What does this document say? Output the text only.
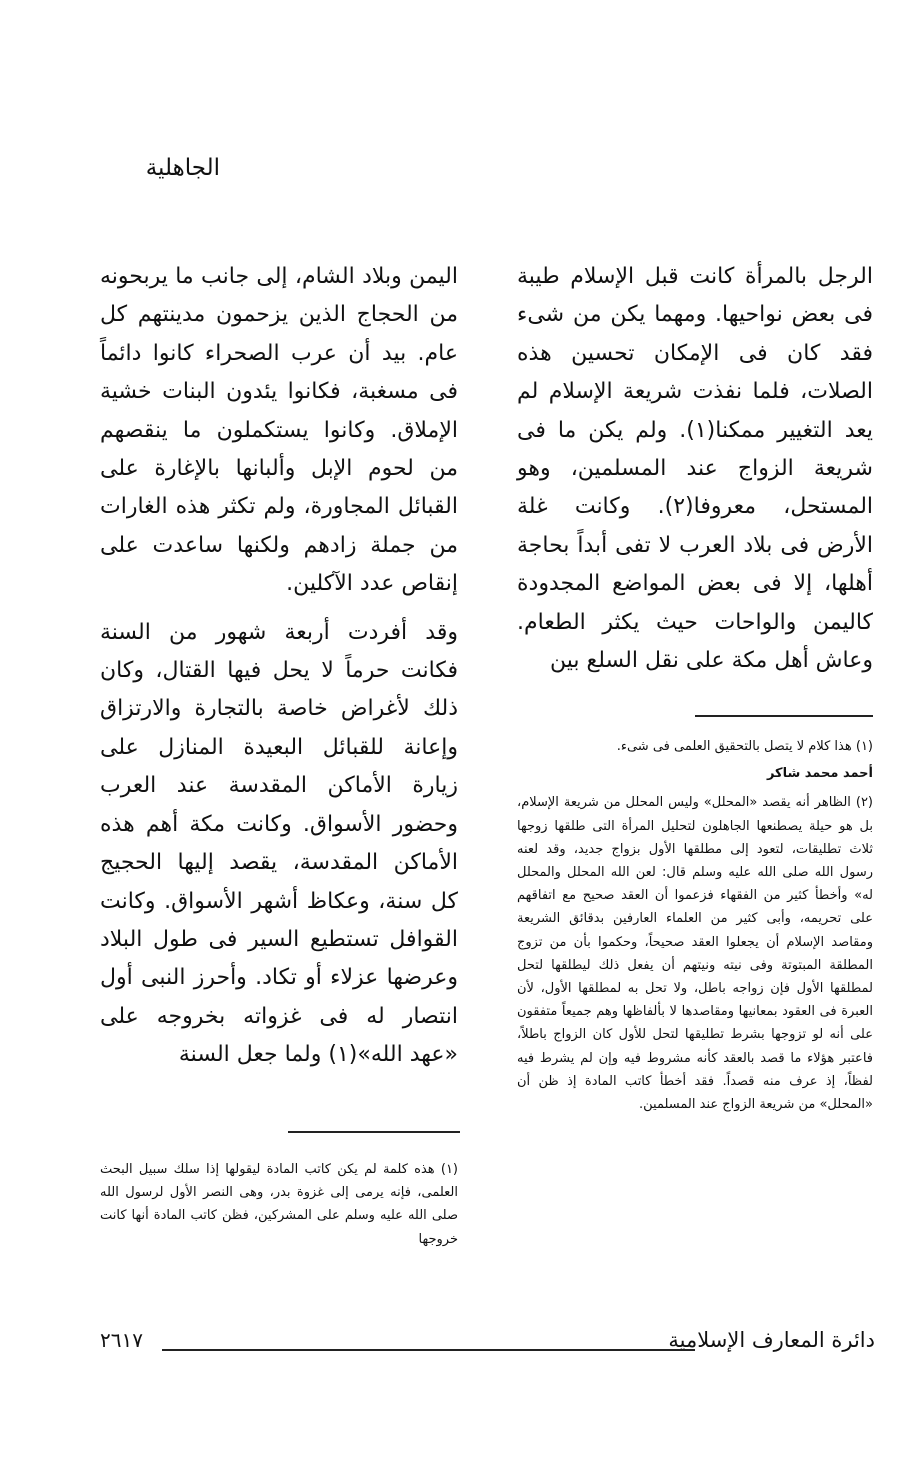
الجاهلية

الرجل بالمرأة كانت قبل الإسلام طيبة فى بعض نواحيها. ومهما يكن من شىء فقد كان فى الإمكان تحسين هذه الصلات، فلما نفذت شريعة الإسلام لم يعد التغيير ممكنا(١). ولم يكن ما فى شريعة الزواج عند المسلمين، وهو المستحل، معروفا(٢). وكانت غلة الأرض فى بلاد العرب لا تفى أبداً بحاجة أهلها، إلا فى بعض المواضع المجدودة كاليمن والواحات حيث يكثر الطعام. وعاش أهل مكة على نقل السلع بين

اليمن وبلاد الشام، إلى جانب ما يربحونه من الحجاج الذين يزحمون مدينتهم كل عام. بيد أن عرب الصحراء كانوا دائماً فى مسغبة، فكانوا يئدون البنات خشية الإملاق. وكانوا يستكملون ما ينقصهم من لحوم الإبل وألبانها بالإغارة على القبائل المجاورة، ولم تكثر هذه الغارات من جملة زادهم ولكنها ساعدت على إنقاص عدد الآكلين.

وقد أفردت أربعة شهور من السنة فكانت حرماً لا يحل فيها القتال، وكان ذلك لأغراض خاصة بالتجارة والارتزاق وإعانة للقبائل البعيدة المنازل على زيارة الأماكن المقدسة عند العرب وحضور الأسواق. وكانت مكة أهم هذه الأماكن المقدسة، يقصد إليها الحجيج كل سنة، وعكاظ أشهر الأسواق. وكانت القوافل تستطيع السير فى طول البلاد وعرضها عزلاء أو تكاد. وأحرز النبى أول انتصار له فى غزواته بخروجه على «عهد الله»(١) ولما جعل السنة

(١) هذا كلام لا يتصل بالتحقيق العلمى فى شىء.

أحمد محمد شاكر

(٢) الظاهر أنه يقصد «المحلل» وليس المحلل من شريعة الإسلام، بل هو حيلة يصطنعها الجاهلون لتحليل المرأة التى طلقها زوجها ثلاث تطليقات، لتعود إلى مطلقها الأول بزواج جديد، وقد لعنه رسول الله صلى الله عليه وسلم قال: لعن الله المحلل والمحلل له» وأخطأ كثير من الفقهاء فزعموا أن العقد صحيح مع اتفاقهم على تحريمه، وأبى كثير من العلماء العارفين بدقائق الشريعة ومقاصد الإسلام أن يجعلوا العقد صحيحاً، وحكموا بأن من تزوج المطلقة المبتوتة وفى نيته ونيتهم أن يفعل ذلك ليطلقها لتحل لمطلقها الأول فإن زواجه باطل، ولا تحل به لمطلقها الأول، لأن العبرة فى العقود بمعانيها ومقاصدها لا بألفاظها وهم جميعاً متفقون على أنه لو تزوجها بشرط تطليقها لتحل للأول كان الزواج باطلاً، فاعتبر هؤلاء ما قصد بالعقد كأنه مشروط فيه وإن لم يشرط فيه لفظاً، إذ عرف منه قصداً. فقد أخطأ كاتب المادة إذ ظن أن «المحلل» من شريعة الزواج عند المسلمين.

(١) هذه كلمة لم يكن كاتب المادة ليقولها إذا سلك سبيل البحث العلمى، فإنه يرمى إلى غزوة بدر، وهى النصر الأول لرسول الله صلى الله عليه وسلم على المشركين، فظن كاتب المادة أنها كانت خروجها

دائرة المعارف الإسلامية
٢٦١٧
